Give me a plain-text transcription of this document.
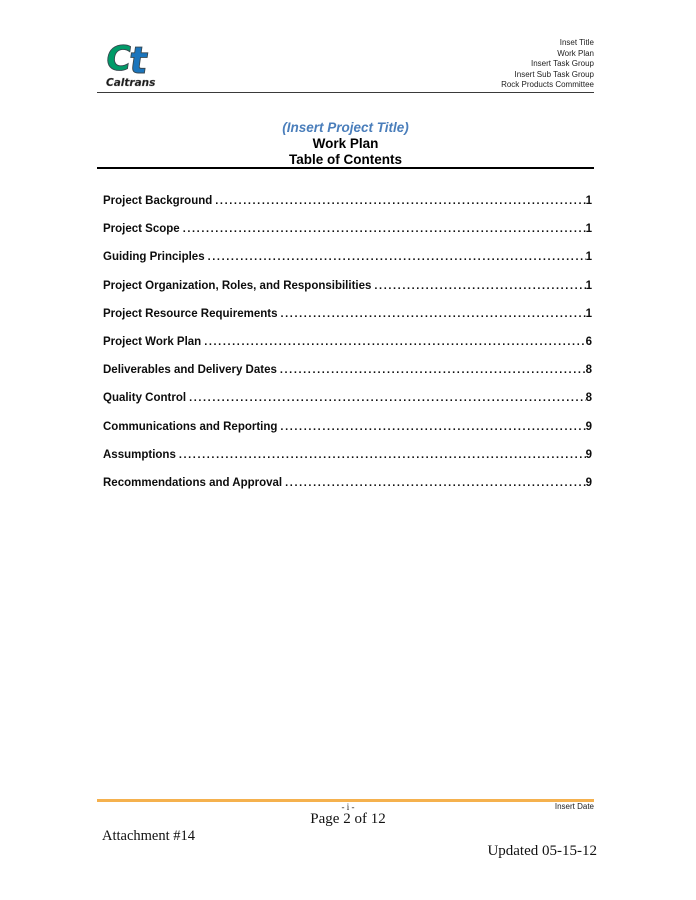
C
t
Caltrans
Inset Title
Work Plan
Insert Task Group
Insert Sub Task Group
Rock Products Committee
(Insert Project Title)
Work Plan
Table of Contents
Project Background .....	1
Project Scope .....	1
Guiding Principles .....	1
Project Organization, Roles, and Responsibilities .....	1
Project Resource Requirements .....	1
Project Work Plan .....	6
Deliverables and Delivery Dates .....	8
Quality Control .....	8
Communications and Reporting .....	9
Assumptions .....	9
Recommendations and Approval .....	9
- i -
Page 2 of 12
Insert Date
Attachment #14
Updated 05-15-12
